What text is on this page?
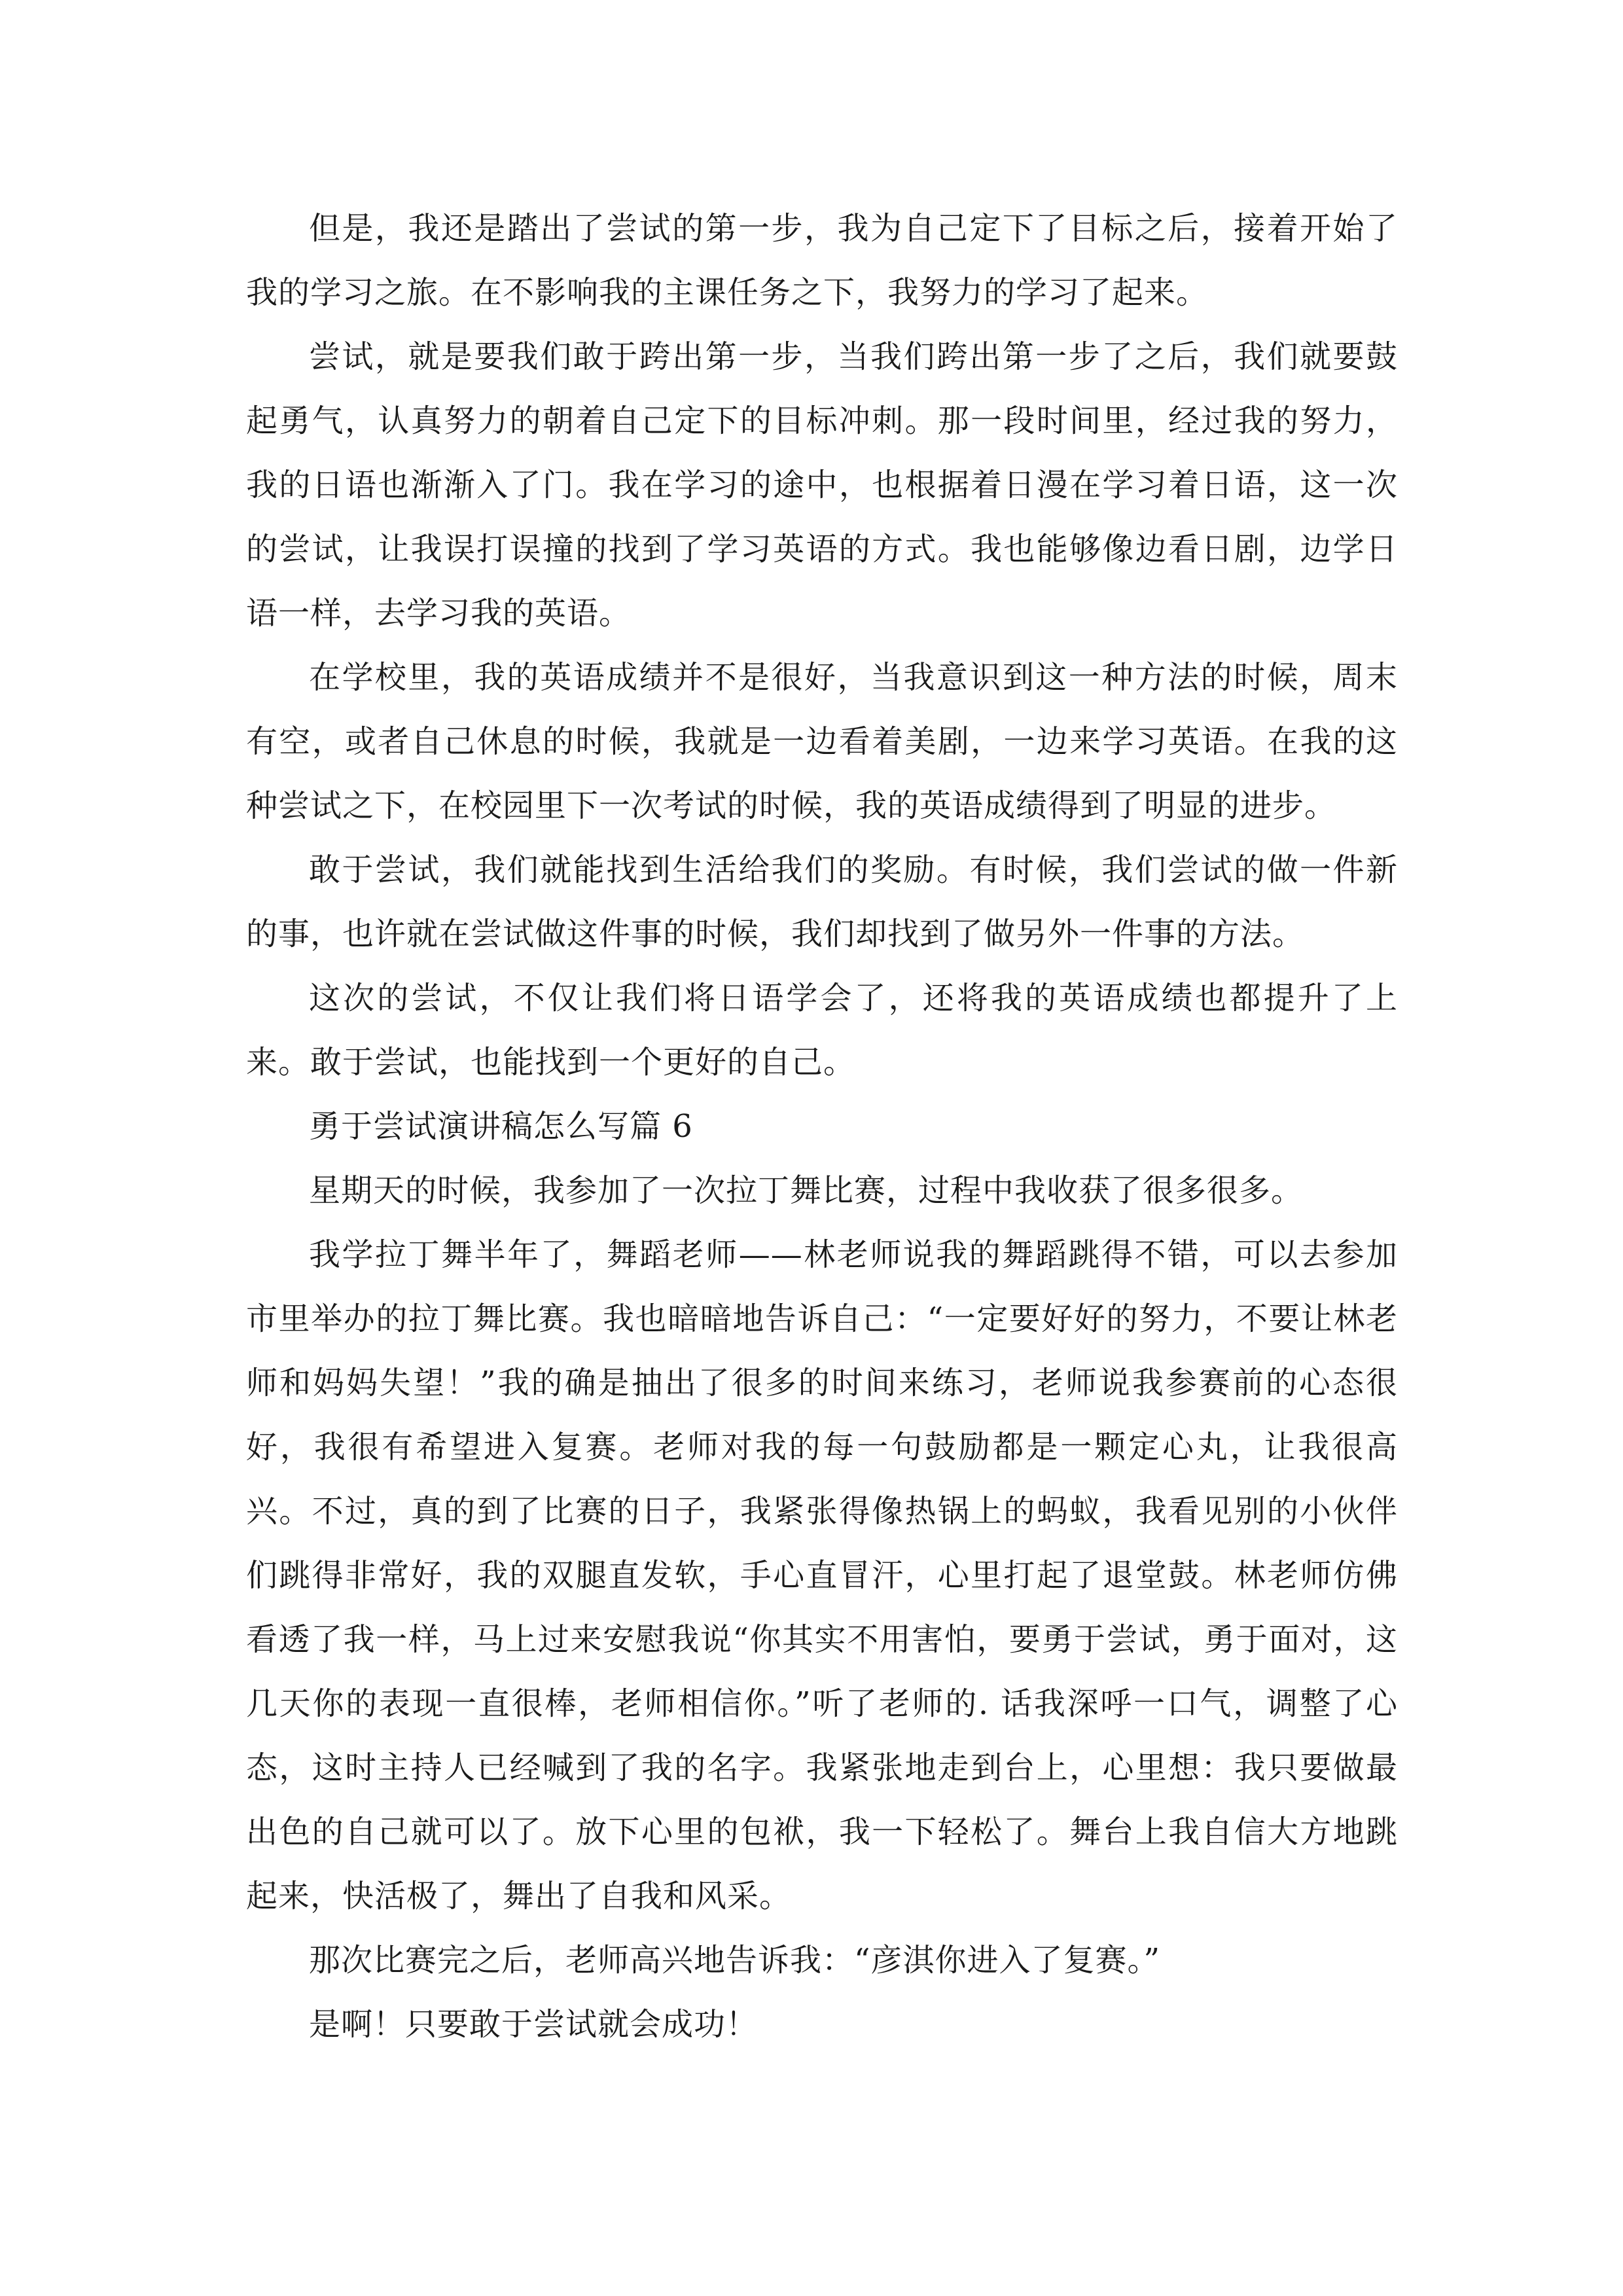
但是，我还是踏出了尝试的第一步，我为自己定下了目标之后，接着开始了我的学习之旅。在不影响我的主课任务之下，我努力的学习了起来。

尝试，就是要我们敢于跨出第一步，当我们跨出第一步了之后，我们就要鼓起勇气，认真努力的朝着自己定下的目标冲刺。那一段时间里，经过我的努力，我的日语也渐渐入了门。我在学习的途中，也根据着日漫在学习着日语，这一次的尝试，让我误打误撞的找到了学习英语的方式。我也能够像边看日剧，边学日语一样，去学习我的英语。

在学校里，我的英语成绩并不是很好，当我意识到这一种方法的时候，周末有空，或者自己休息的时候，我就是一边看着美剧，一边来学习英语。在我的这种尝试之下，在校园里下一次考试的时候，我的英语成绩得到了明显的进步。

敢于尝试，我们就能找到生活给我们的奖励。有时候，我们尝试的做一件新的事，也许就在尝试做这件事的时候，我们却找到了做另外一件事的方法。

这次的尝试，不仅让我们将日语学会了，还将我的英语成绩也都提升了上来。敢于尝试，也能找到一个更好的自己。

勇于尝试演讲稿怎么写篇 6

星期天的时候，我参加了一次拉丁舞比赛，过程中我收获了很多很多。

我学拉丁舞半年了，舞蹈老师——林老师说我的舞蹈跳得不错，可以去参加市里举办的拉丁舞比赛。我也暗暗地告诉自己：“一定要好好的努力，不要让林老师和妈妈失望！”我的确是抽出了很多的时间来练习，老师说我参赛前的心态很好，我很有希望进入复赛。老师对我的每一句鼓励都是一颗定心丸，让我很高兴。不过，真的到了比赛的日子，我紧张得像热锅上的蚂蚁，我看见别的小伙伴们跳得非常好，我的双腿直发软，手心直冒汗，心里打起了退堂鼓。林老师仿佛看透了我一样，马上过来安慰我说“你其实不用害怕，要勇于尝试，勇于面对，这几天你的表现一直很棒，老师相信你。”听了老师的. 话我深呼一口气，调整了心态，这时主持人已经喊到了我的名字。我紧张地走到台上，心里想：我只要做最出色的自己就可以了。放下心里的包袱，我一下轻松了。舞台上我自信大方地跳起来，快活极了，舞出了自我和风采。

那次比赛完之后，老师高兴地告诉我：“彦淇你进入了复赛。”

是啊！只要敢于尝试就会成功！
